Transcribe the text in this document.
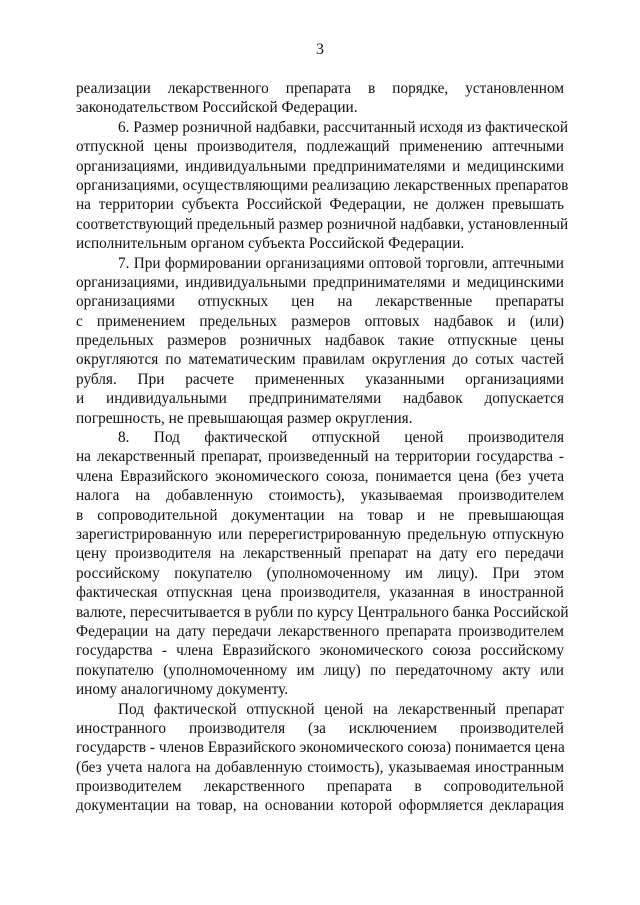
3

реализации лекарственного препарата в порядке, установленном
законодательством Российской Федерации.

6. Размер розничной надбавки, рассчитанный исходя из фактической
отпускной цены производителя, подлежащий применению аптечными
организациями, индивидуальными предпринимателями и медицинскими
организациями, осуществляющими реализацию лекарственных препаратов
на территории субъекта Российской Федерации, не должен превышать
соответствующий предельный размер розничной надбавки, установленный
исполнительным органом субъекта Российской Федерации.

7. При формировании организациями оптовой торговли, аптечными
организациями, индивидуальными предпринимателями и медицинскими
организациями отпускных цен на лекарственные препараты
с применением предельных размеров оптовых надбавок и (или)
предельных размеров розничных надбавок такие отпускные цены
округляются по математическим правилам округления до сотых частей
рубля. При расчете примененных указанными организациями
и индивидуальными предпринимателями надбавок допускается
погрешность, не превышающая размер округления.

8. Под фактической отпускной ценой производителя
на лекарственный препарат, произведенный на территории государства -
члена Евразийского экономического союза, понимается цена (без учета
налога на добавленную стоимость), указываемая производителем
в сопроводительной документации на товар и не превышающая
зарегистрированную или перерегистрированную предельную отпускную
цену производителя на лекарственный препарат на дату его передачи
российскому покупателю (уполномоченному им лицу). При этом
фактическая отпускная цена производителя, указанная в иностранной
валюте, пересчитывается в рубли по курсу Центрального банка Российской
Федерации на дату передачи лекарственного препарата производителем
государства - члена Евразийского экономического союза российскому
покупателю (уполномоченному им лицу) по передаточному акту или
иному аналогичному документу.

Под фактической отпускной ценой на лекарственный препарат
иностранного производителя (за исключением производителей
государств - членов Евразийского экономического союза) понимается цена
(без учета налога на добавленную стоимость), указываемая иностранным
производителем лекарственного препарата в сопроводительной
документации на товар, на основании которой оформляется декларация
